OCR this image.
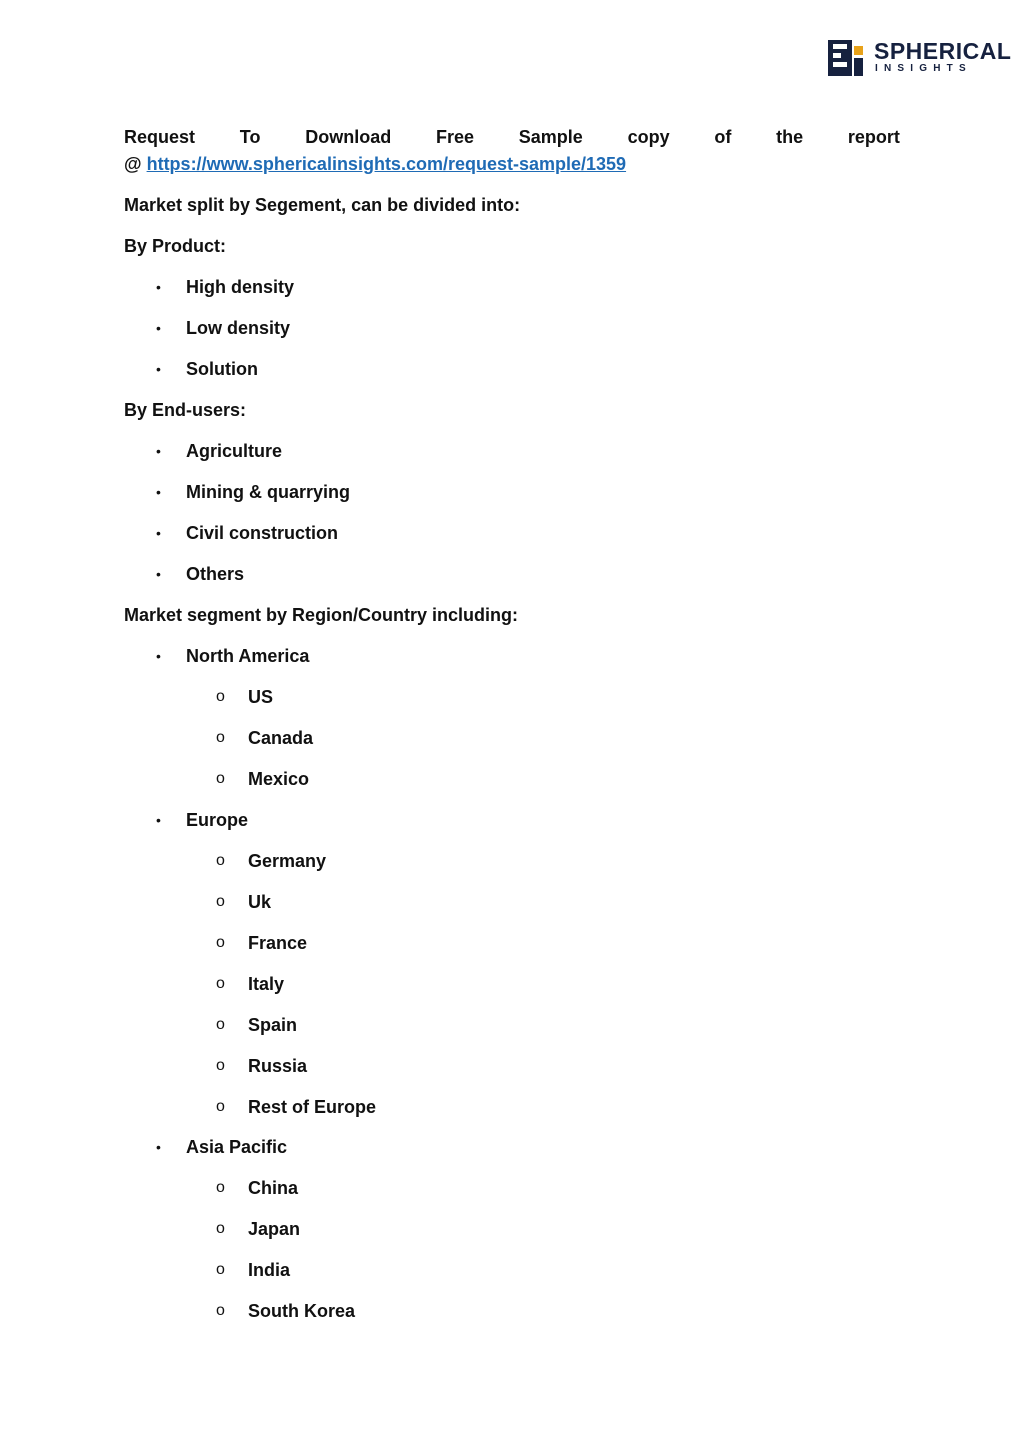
SPHERICAL
INSIGHTS
Request To Download Free Sample copy of the report
@ https://www.sphericalinsights.com/request-sample/1359
Market split by Segement, can be divided into:
By Product:
• High density
• Low density
• Solution
By End-users:
• Agriculture
• Mining & quarrying
• Civil construction
• Others
Market segment by Region/Country including:
• North America
o US
o Canada
o Mexico
• Europe
o Germany
o Uk
o France
o Italy
o Spain
o Russia
o Rest of Europe
• Asia Pacific
o China
o Japan
o India
o South Korea
